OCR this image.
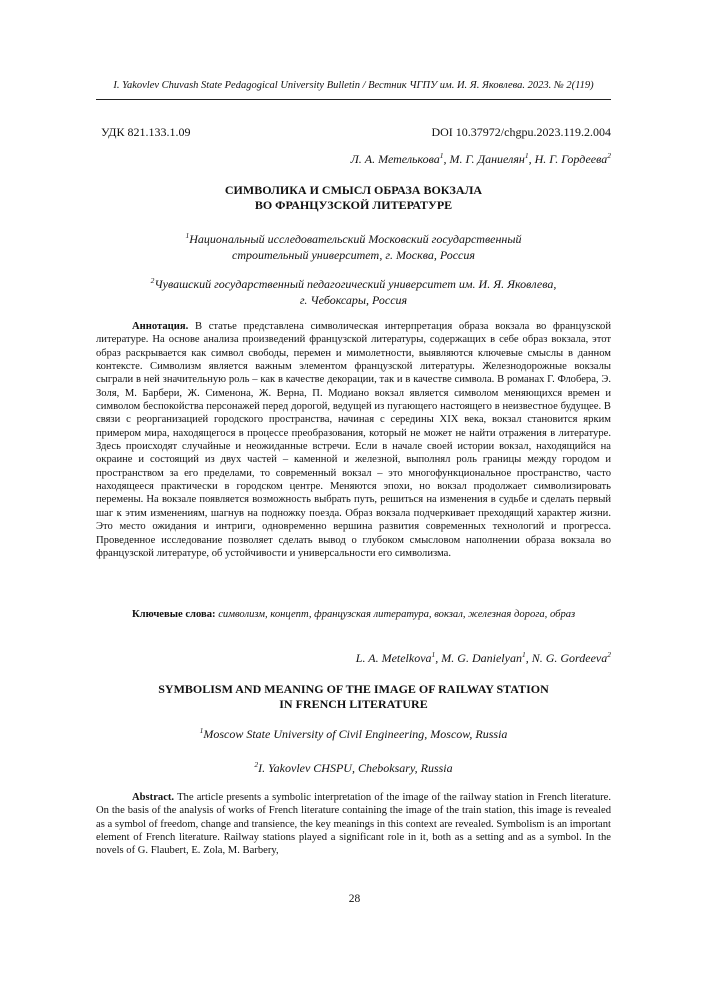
I. Yakovlev Chuvash State Pedagogical University Bulletin / Вестник ЧГПУ им. И. Я. Яковлева. 2023. № 2(119)
УДК 821.133.1.09	DOI 10.37972/chgpu.2023.119.2.004
Л. А. Метелькова$^1$, М. Г. Даниелян$^1$, Н. Г. Гордеева$^2$
СИМВОЛИКА И СМЫСЛ ОБРАЗА ВОКЗАЛА
ВО ФРАНЦУЗСКОЙ ЛИТЕРАТУРЕ
$^1$Национальный исследовательский Московский государственный
строительный университет, г. Москва, Россия
$^2$Чувашский государственный педагогический университет им. И. Я. Яковлева,
г. Чебоксары, Россия
Аннотация. В статье представлена символическая интерпретация образа вокзала во французской литературе. На основе анализа произведений французской литературы, содержащих в себе образ вокзала, этот образ раскрывается как символ свободы, перемен и мимолетности, выявляются ключевые смыслы в данном контексте. Символизм является важным элементом французской литературы. Железнодорожные вокзалы сыграли в ней значительную роль – как в качестве декорации, так и в качестве символа. В романах Г. Флобера, Э. Золя, М. Барбери, Ж. Сименона, Ж. Верна, П. Модиано вокзал является символом меняющихся времен и символом беспокойства персонажей перед дорогой, ведущей из пугающего настоящего в неизвестное будущее. В связи с реорганизацией городского пространства, начиная с середины XIX века, вокзал становится ярким примером мира, находящегося в процессе преобразования, который не может не найти отражения в литературе. Здесь происходят случайные и неожиданные встречи. Если в начале своей истории вокзал, находящийся на окраине и состоящий из двух частей – каменной и железной, выполнял роль границы между городом и пространством за его пределами, то современный вокзал – это многофункциональное пространство, часто находящееся практически в городском центре. Меняются эпохи, но вокзал продолжает символизировать перемены. На вокзале появляется возможность выбрать путь, решиться на изменения в судьбе и сделать первый шаг к этим изменениям, шагнув на подножку поезда. Образ вокзала подчеркивает преходящий характер жизни. Это место ожидания и интриги, одновременно вершина развития современных технологий и прогресса. Проведенное исследование позволяет сделать вывод о глубоком смысловом наполнении образа вокзала во французской литературе, об устойчивости и универсальности его символизма.
Ключевые слова: символизм, концепт, французская литература, вокзал, железная дорога, образ
L. A. Metelkova$^1$, M. G. Danielyan$^1$, N. G. Gordeeva$^2$
SYMBOLISM AND MEANING OF THE IMAGE OF RAILWAY STATION
IN FRENCH LITERATURE
$^1$Moscow State University of Civil Engineering, Moscow, Russia
$^2$I. Yakovlev CHSPU, Cheboksary, Russia
Abstract. The article presents a symbolic interpretation of the image of the railway station in French literature. On the basis of the analysis of works of French literature containing the image of the train station, this image is revealed as a symbol of freedom, change and transience, the key meanings in this context are revealed. Symbolism is an important element of French literature. Railway stations played a significant role in it, both as a setting and as a symbol. In the novels of G. Flaubert, E. Zola, M. Barbery,
28
